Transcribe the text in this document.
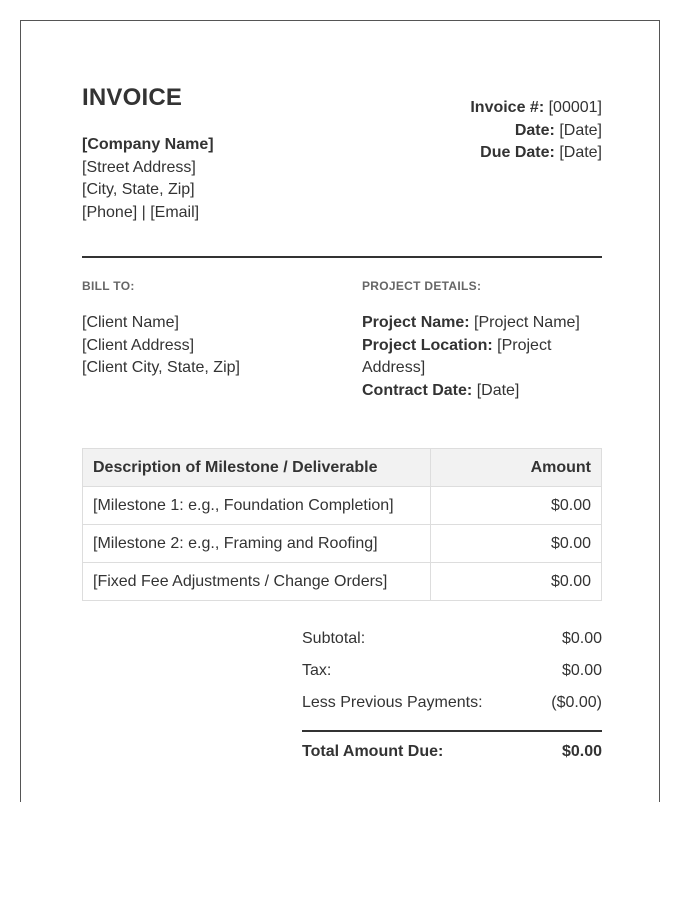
INVOICE
[Company Name]
[Street Address]
[City, State, Zip]
[Phone] | [Email]
Invoice #: [00001]
Date: [Date]
Due Date: [Date]
BILL TO:
[Client Name]
[Client Address]
[Client City, State, Zip]
PROJECT DETAILS:
Project Name: [Project Name]
Project Location: [Project Address]
Contract Date: [Date]
Description of Milestone / Deliverable	Amount
[Milestone 1: e.g., Foundation Completion]	$0.00
[Milestone 2: e.g., Framing and Roofing]	$0.00
[Fixed Fee Adjustments / Change Orders]	$0.00
Subtotal:	$0.00
Tax:	$0.00
Less Previous Payments:	($0.00)
Total Amount Due:	$0.00
